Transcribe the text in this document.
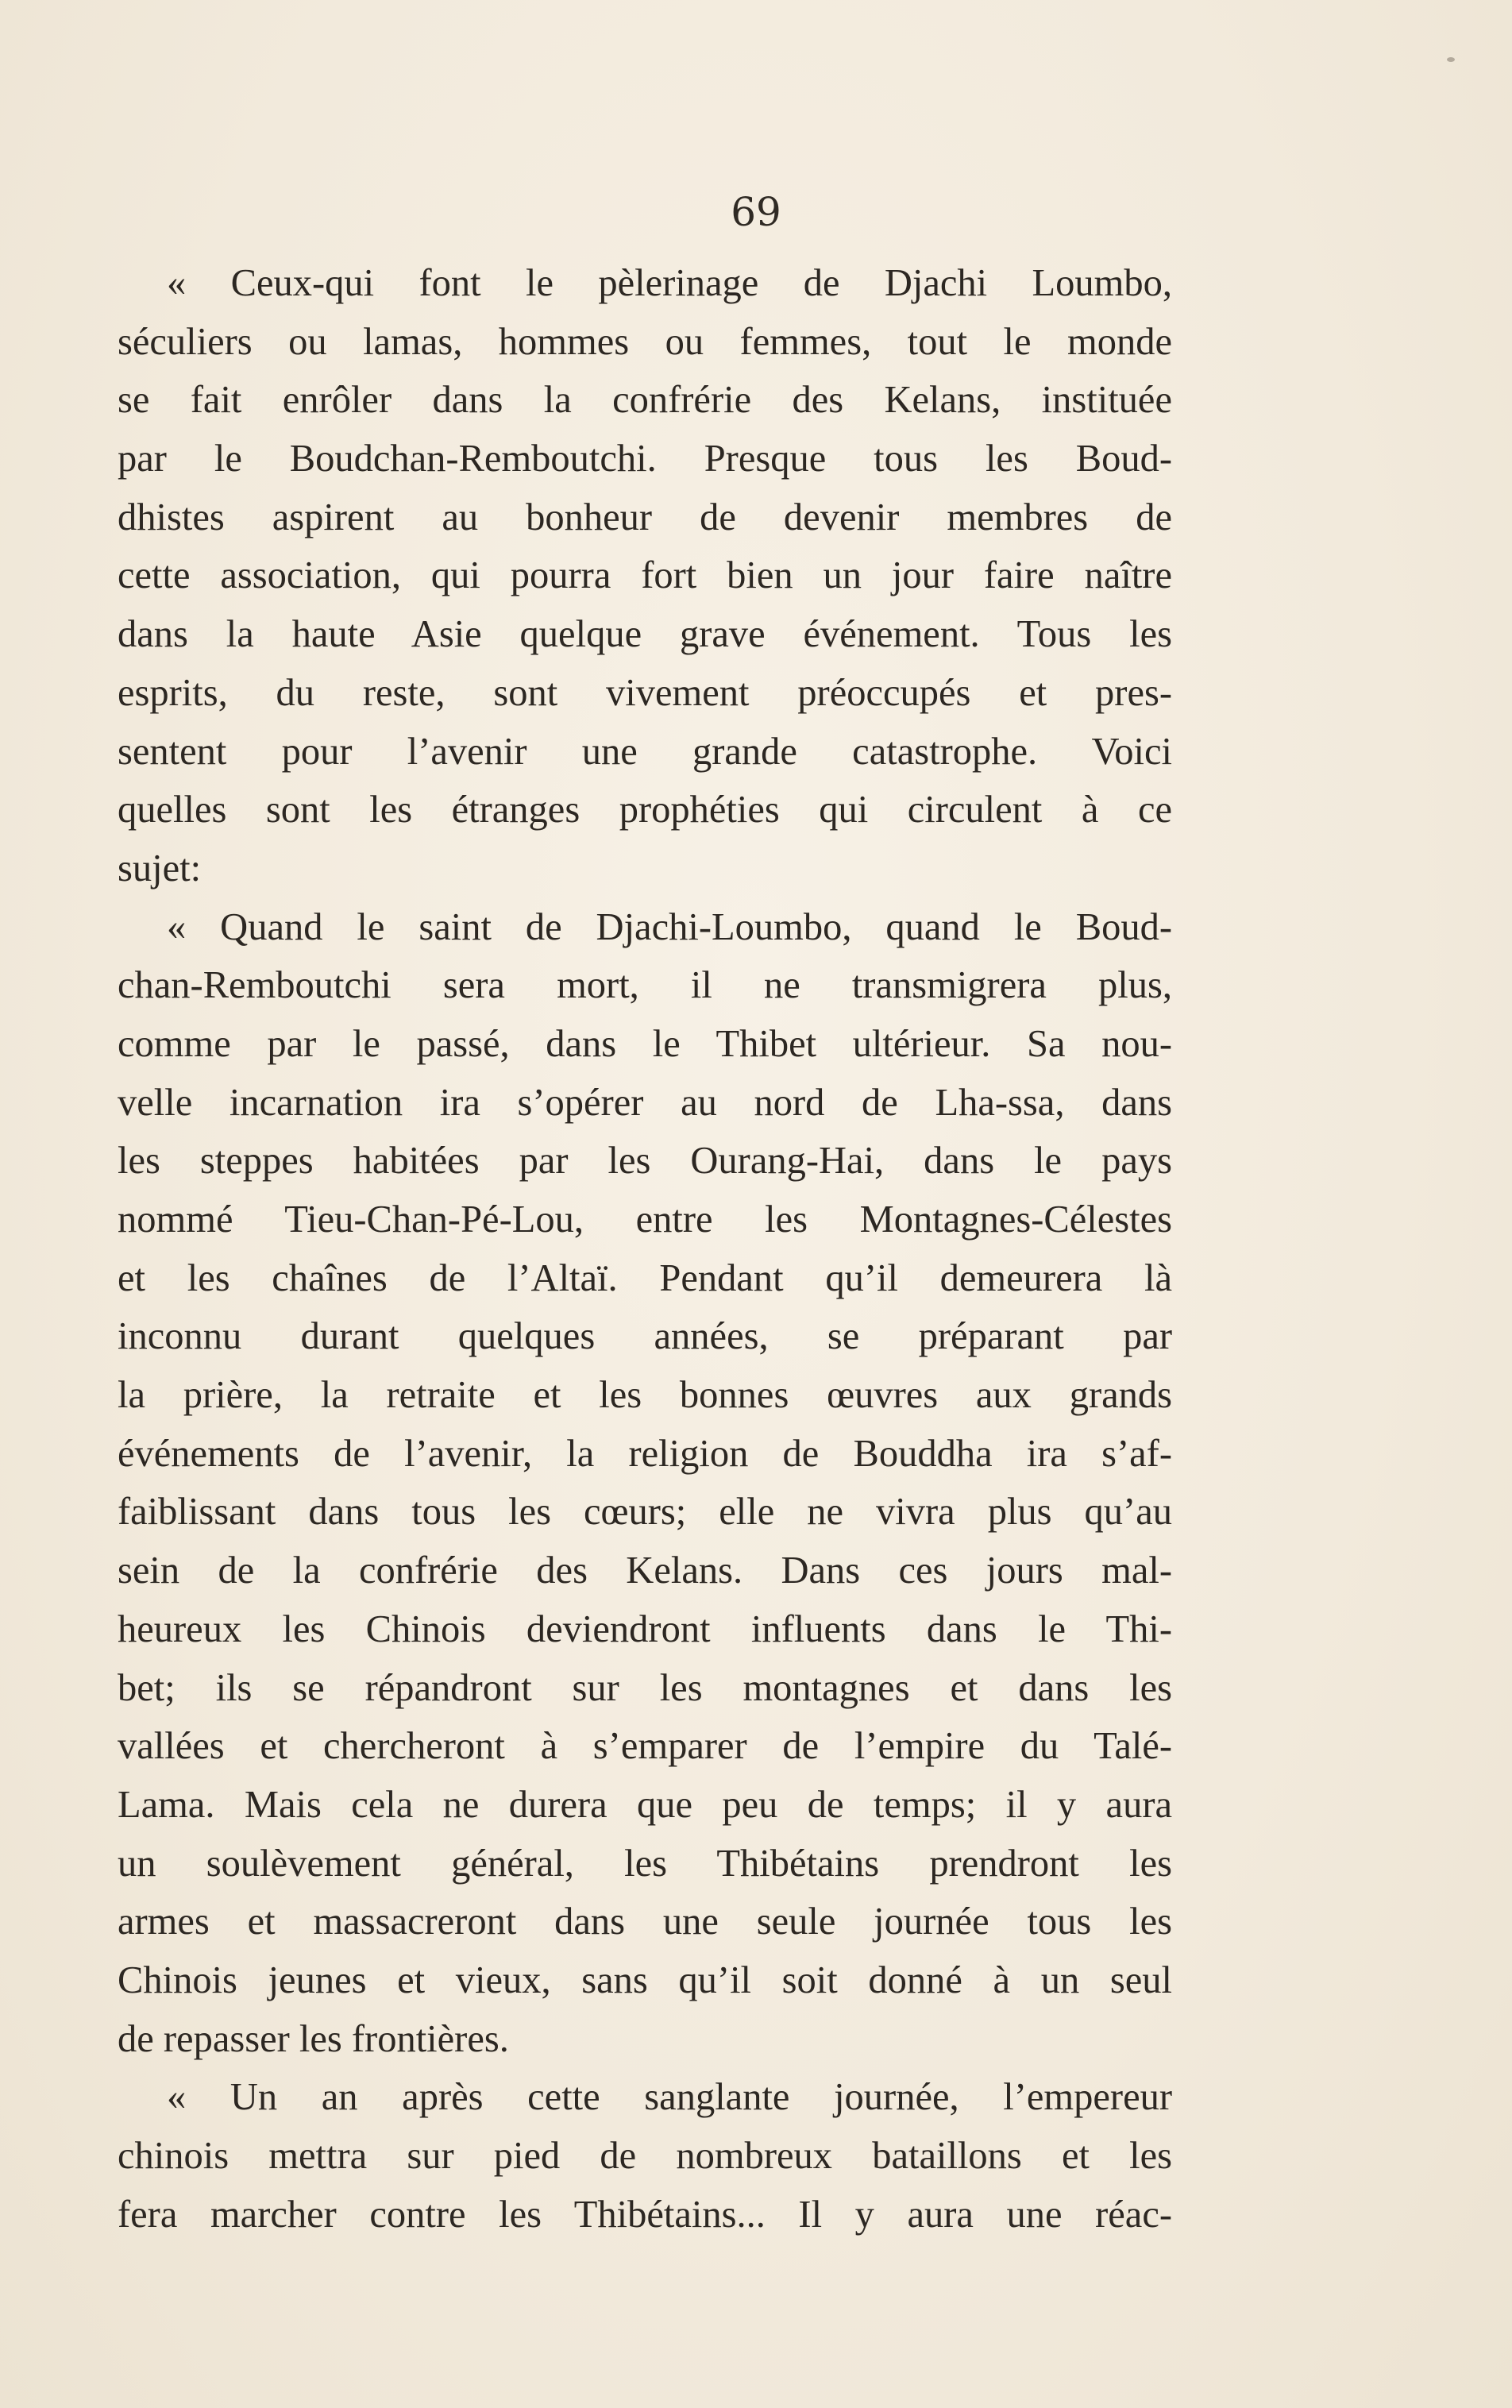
69

« Ceux-qui font le pèlerinage de Djachi Loumbo,
séculiers ou lamas, hommes ou femmes, tout le monde
se fait enrôler dans la confrérie des Kelans, instituée
par le Boudchan-Remboutchi. Presque tous les Boud-
dhistes aspirent au bonheur de devenir membres de
cette association, qui pourra fort bien un jour faire naître
dans la haute Asie quelque grave événement. Tous les
esprits, du reste, sont vivement préoccupés et pres-
sentent pour l’avenir une grande catastrophe. Voici
quelles sont les étranges prophéties qui circulent à ce
sujet:
« Quand le saint de Djachi-Loumbo, quand le Boud-
chan-Remboutchi sera mort, il ne transmigrera plus,
comme par le passé, dans le Thibet ultérieur. Sa nou-
velle incarnation ira s’opérer au nord de Lha-ssa, dans
les steppes habitées par les Ourang-Hai, dans le pays
nommé Tieu-Chan-Pé-Lou, entre les Montagnes-Célestes
et les chaînes de l’Altaï. Pendant qu’il demeurera là
inconnu durant quelques années, se préparant par
la prière, la retraite et les bonnes œuvres aux grands
événements de l’avenir, la religion de Bouddha ira s’af-
faiblissant dans tous les cœurs; elle ne vivra plus qu’au
sein de la confrérie des Kelans. Dans ces jours mal-
heureux les Chinois deviendront influents dans le Thi-
bet; ils se répandront sur les montagnes et dans les
vallées et chercheront à s’emparer de l’empire du Talé-
Lama. Mais cela ne durera que peu de temps; il y aura
un soulèvement général, les Thibétains prendront les
armes et massacreront dans une seule journée tous les
Chinois jeunes et vieux, sans qu’il soit donné à un seul
de repasser les frontières.
« Un an après cette sanglante journée, l’empereur
chinois mettra sur pied de nombreux bataillons et les
fera marcher contre les Thibétains... Il y aura une réac-
